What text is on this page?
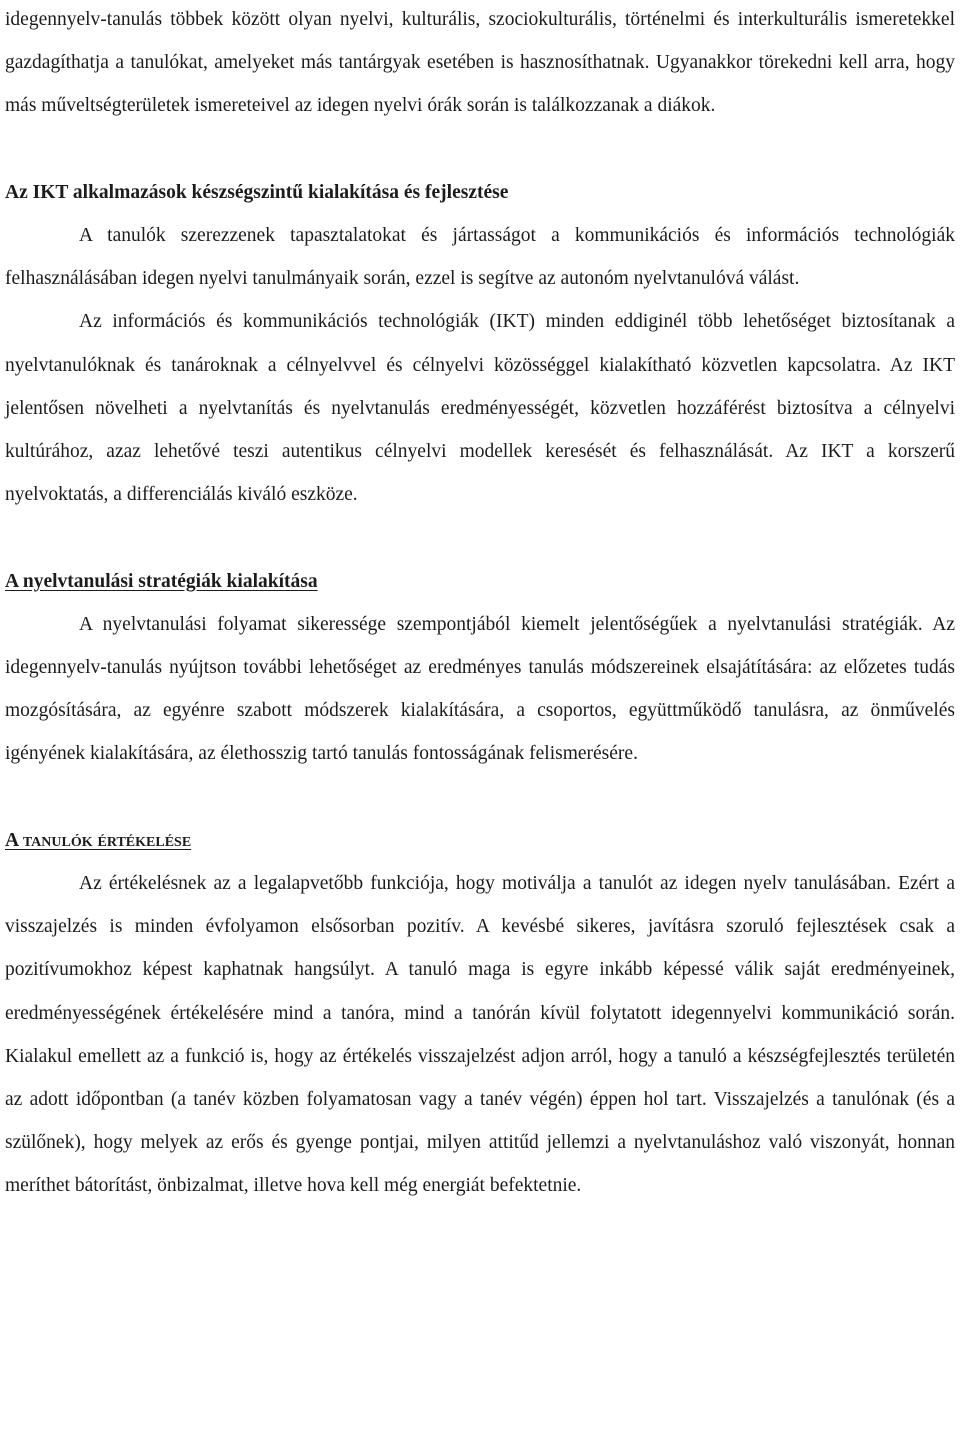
idegennyelv-tanulás többek között olyan nyelvi, kulturális, szociokulturális, történelmi és interkulturális ismeretekkel gazdagíthatja a tanulókat, amelyeket más tantárgyak esetében is hasznosíthatnak. Ugyanakkor törekedni kell arra, hogy más műveltségterületek ismereteivel az idegen nyelvi órák során is találkozzanak a diákok.

Az IKT alkalmazások készségszintű kialakítása és fejlesztése

A tanulók szerezzenek tapasztalatokat és jártasságot a kommunikációs és információs technológiák felhasználásában idegen nyelvi tanulmányaik során, ezzel is segítve az autonóm nyelvtanulóvá válást.

Az információs és kommunikációs technológiák (IKT) minden eddiginél több lehetőséget biztosítanak a nyelvtanulóknak és tanároknak a célnyelvvel és célnyelvi közösséggel kialakítható közvetlen kapcsolatra. Az IKT jelentősen növelheti a nyelvtanítás és nyelvtanulás eredményességét, közvetlen hozzáférést biztosítva a célnyelvi kultúrához, azaz lehetővé teszi autentikus célnyelvi modellek keresését és felhasználását. Az IKT a korszerű nyelvoktatás, a differenciálás kiváló eszköze.

A nyelvtanulási stratégiák kialakítása

A nyelvtanulási folyamat sikeressége szempontjából kiemelt jelentőségűek a nyelvtanulási stratégiák. Az idegennyelv-tanulás nyújtson további lehetőséget az eredményes tanulás módszereinek elsajátítására: az előzetes tudás mozgósítására, az egyénre szabott módszerek kialakítására, a csoportos, együttműködő tanulásra, az önművelés igényének kialakítására, az élethosszig tartó tanulás fontosságának felismerésére.

A tanulók értékelése

Az értékelésnek az a legalapvetőbb funkciója, hogy motiválja a tanulót az idegen nyelv tanulásában. Ezért a visszajelzés is minden évfolyamon elsősorban pozitív. A kevésbé sikeres, javításra szoruló fejlesztések csak a pozitívumokhoz képest kaphatnak hangsúlyt. A tanuló maga is egyre inkább képessé válik saját eredményeinek, eredményességének értékelésére mind a tanóra, mind a tanórán kívül folytatott idegennyelvi kommunikáció során. Kialakul emellett az a funkció is, hogy az értékelés visszajelzést adjon arról, hogy a tanuló a készségfejlesztés területén az adott időpontban (a tanév közben folyamatosan vagy a tanév végén) éppen hol tart. Visszajelzés a tanulónak (és a szülőnek), hogy melyek az erős és gyenge pontjai, milyen attitűd jellemzi a nyelvtanuláshoz való viszonyát, honnan meríthet bátorítást, önbizalmat, illetve hova kell még energiát befektetnie.
